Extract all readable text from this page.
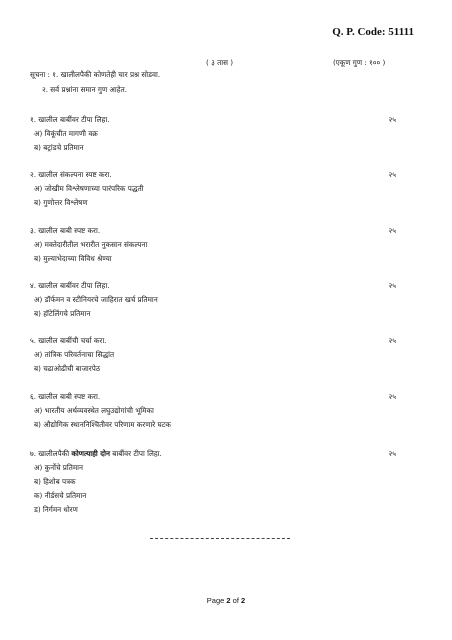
Q. P. Code: 51111
( ३ तास )	(एकूण गुण : १०० )
सूचना : १. खालीलपैकी कोणतेही चार प्रश्न सोडवा.
२. सर्व प्रश्नांना समान गुण आहेत.
१. खालील बाबींवर टीपा लिहा.	२५
अ) विकूंचीत मागणी वक्र
ब) बट्रांडचे प्रतिमान
२. खालील संकल्पना स्पष्ट करा.	२५
अ) जोखीम विश्लेषणाच्या पारंपरिक पद्धती
ब) गुणोत्तर विश्लेषण
३. खालील बाबी स्पष्ट करा.	२५
अ) मक्तेदारीतील भरारीत नुकसान संकल्पना
ब) मुल्याभेदाच्या विविध श्रेण्या
४. खालील बाबींवर टीपा लिहा.	२५
अ) डॉर्फमन व स्टीनियरचे जाहिरात खर्च प्रतिमान
ब) हॉटेलिंगचे प्रतिमान
५. खालील बाबींची चर्चा करा.	२५
अ) तांत्रिक परिवर्तनाचा सिद्धांत
ब) चढाओढीची बाजारपेठ
६. खालील बाबी स्पष्ट करा.	२५
अ) भारतीय अर्थव्यवस्थेत लघुउद्योगांची भूमिका
ब) औद्योगिक स्थाननिश्चितीवर परिणाम करणारे घटक
७. खालीलपैकी कोणत्याही दोन बाबींवर टीपा लिहा.	२५
अ) कुर्नोचे प्रतिमान
ब) हिशोब पत्रक
क) नीर्डसचे प्रतिमान
ड) निर्गमन धोरण
Page 2 of 2
